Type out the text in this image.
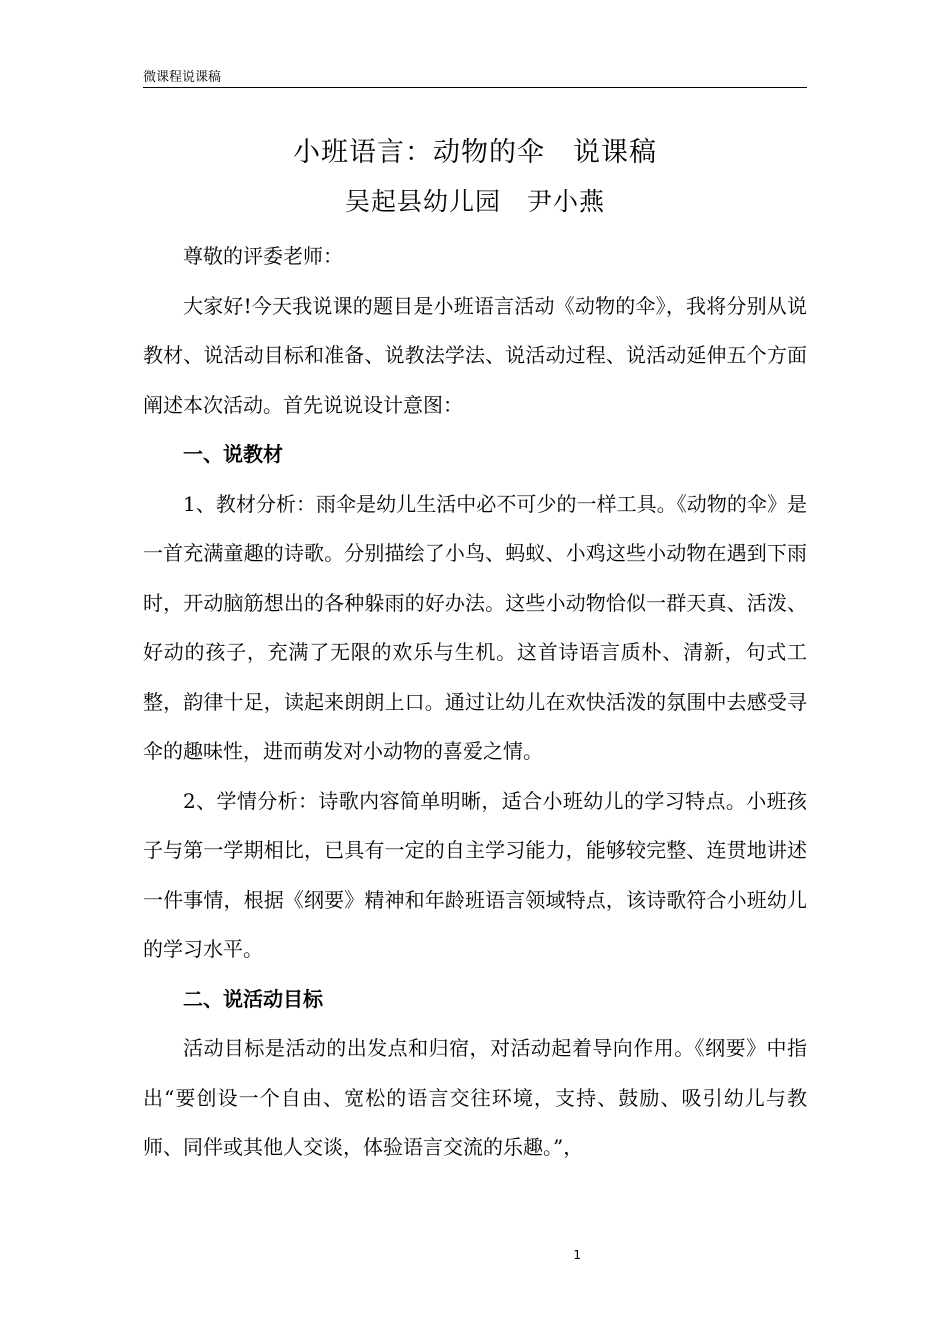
微课程说课稿
小班语言：动物的伞　说课稿
吴起县幼儿园　尹小燕

尊敬的评委老师：

大家好!今天我说课的题目是小班语言活动《动物的伞》，我将分别从说教材、说活动目标和准备、说教法学法、说活动过程、说活动延伸五个方面阐述本次活动。首先说说设计意图：

一、说教材

1、教材分析：雨伞是幼儿生活中必不可少的一样工具。《动物的伞》是一首充满童趣的诗歌。分别描绘了小鸟、蚂蚁、小鸡这些小动物在遇到下雨时，开动脑筋想出的各种躲雨的好办法。这些小动物恰似一群天真、活泼、好动的孩子，充满了无限的欢乐与生机。这首诗语言质朴、清新，句式工整，韵律十足，读起来朗朗上口。通过让幼儿在欢快活泼的氛围中去感受寻伞的趣味性，进而萌发对小动物的喜爱之情。

2、学情分析：诗歌内容简单明晰，适合小班幼儿的学习特点。小班孩子与第一学期相比，已具有一定的自主学习能力，能够较完整、连贯地讲述一件事情，根据《纲要》精神和年龄班语言领域特点，该诗歌符合小班幼儿的学习水平。

二、说活动目标

活动目标是活动的出发点和归宿，对活动起着导向作用。《纲要》中指出“要创设一个自由、宽松的语言交往环境，支持、鼓励、吸引幼儿与教师、同伴或其他人交谈，体验语言交流的乐趣。”，

1
